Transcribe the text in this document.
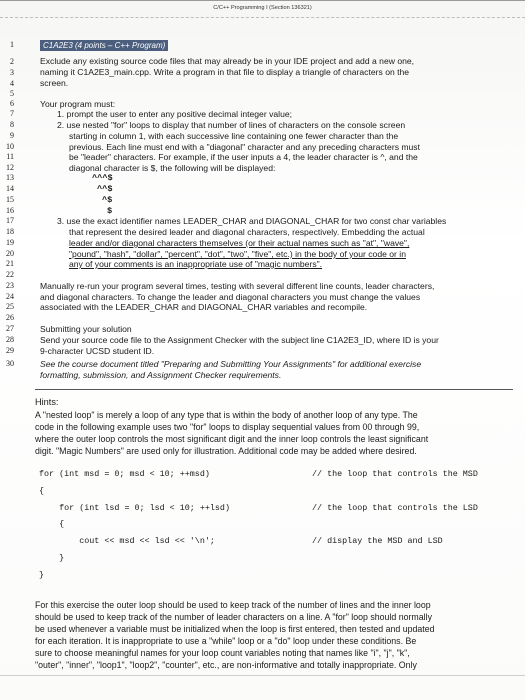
C/C++ Programming I (Section 136321)
1
2
3
4
5
6
7
8
9
10
11
12
13
14
15
16
17
18
19
20
21
22
23
24
25
26
27
28
29
30
C1A2E3 (4 points – C++ Program)
Exclude any existing source code files that may already be in your IDE project and add a new one,
naming it C1A2E3_main.cpp. Write a program in that file to display a triangle of characters on the
screen.
Your program must:
1. prompt the user to enter any positive decimal integer value;
2. use nested "for" loops to display that number of lines of characters on the console screen
starting in column 1, with each successive line containing one fewer character than the
previous. Each line must end with a "diagonal" character and any preceding characters must
be "leader" characters. For example, if the user inputs a 4, the leader character is ^, and the
diagonal character is $, the following will be displayed:
^^^$
^^$
^$
$
3. use the exact identifier names LEADER_CHAR and DIAGONAL_CHAR for two const char variables
that represent the desired leader and diagonal characters, respectively. Embedding the actual
leader and/or diagonal characters themselves (or their actual names such as "at", "wave",
"pound", "hash", "dollar", "percent", "dot", "two", "five", etc.) in the body of your code or in
any of your comments is an inappropriate use of "magic numbers".
Manually re-run your program several times, testing with several different line counts, leader characters,
and diagonal characters. To change the leader and diagonal characters you must change the values
associated with the LEADER_CHAR and DIAGONAL_CHAR variables and recompile.
Submitting your solution
Send your source code file to the Assignment Checker with the subject line C1A2E3_ID, where ID is your
9-character UCSD student ID.
See the course document titled "Preparing and Submitting Your Assignments" for additional exercise
formatting, submission, and Assignment Checker requirements.
Hints:
A "nested loop" is merely a loop of any type that is within the body of another loop of any type. The
code in the following example uses two "for" loops to display sequential values from 00 through 99,
where the outer loop controls the most significant digit and the inner loop controls the least significant
digit. "Magic Numbers" are used only for illustration. Additional code may be added where desired.
for (int msd = 0; msd < 10; ++msd)
{
for (int lsd = 0; lsd < 10; ++lsd)
{
cout << msd << lsd << '\n';
}
}
// the loop that controls the MSD
// the loop that controls the LSD
// display the MSD and LSD
For this exercise the outer loop should be used to keep track of the number of lines and the inner loop
should be used to keep track of the number of leader characters on a line. A "for" loop should normally
be used whenever a variable must be initialized when the loop is first entered, then tested and updated
for each iteration. It is inappropriate to use a "while" loop or a "do" loop under these conditions. Be
sure to choose meaningful names for your loop count variables noting that names like "i", "j", "k",
"outer", "inner", "loop1", "loop2", "counter", etc., are non-informative and totally inappropriate. Only
